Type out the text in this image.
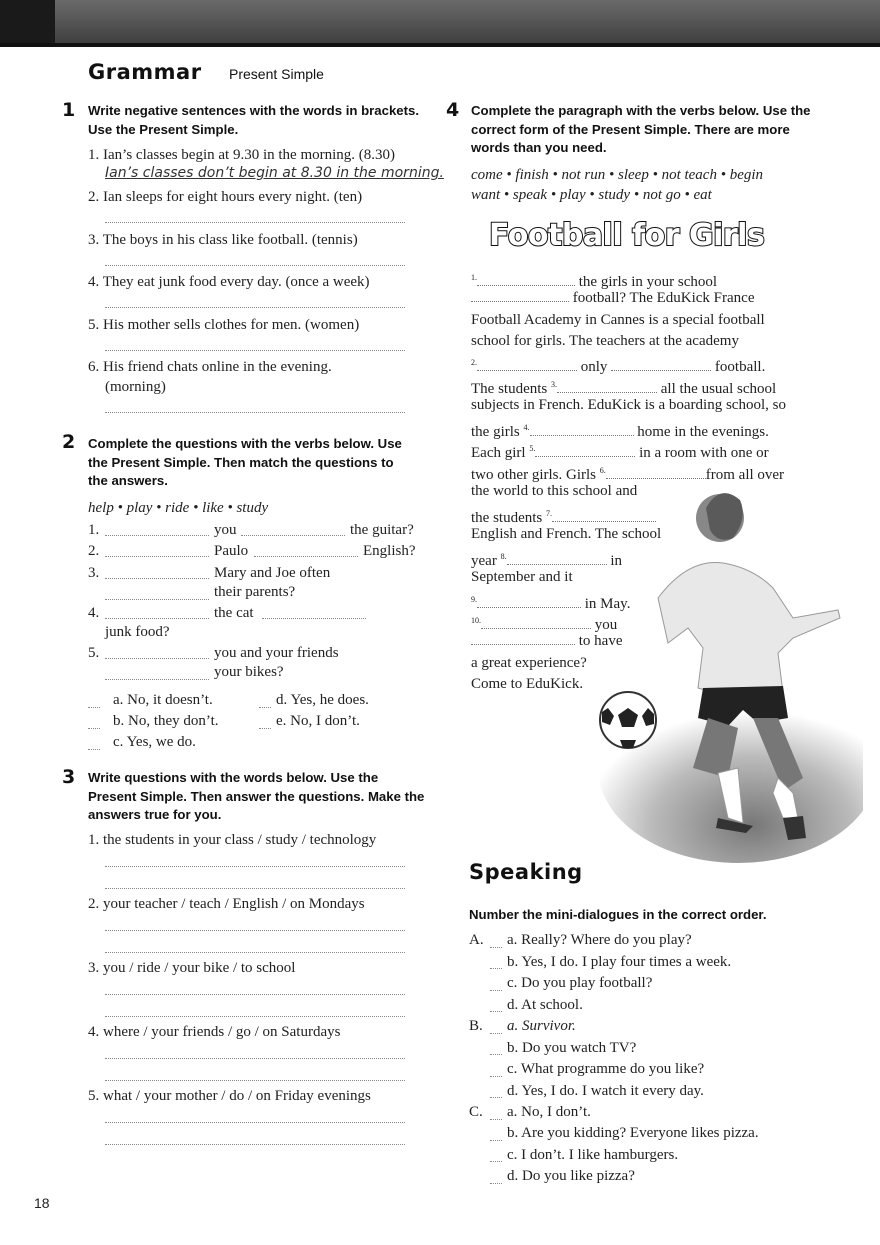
Grammar Present Simple
1 Write negative sentences with the words in brackets. Use the Present Simple.
1. Ian’s classes begin at 9.30 in the morning. (8.30)
Ian’s classes don’t begin at 8.30 in the morning.
2. Ian sleeps for eight hours every night. (ten)
3. The boys in his class like football. (tennis)
4. They eat junk food every day. (once a week)
5. His mother sells clothes for men. (women)
6. His friend chats online in the evening.
(morning)
2 Complete the questions with the verbs below. Use the Present Simple. Then match the questions to the answers.
help • play • ride • like • study
1.	you	the guitar?
2.	Paulo	English?
3.	Mary and Joe often
their parents?
4.	the cat
junk food?
5.	you and your friends
your bikes?
a. No, it doesn’t.
b. No, they don’t.
c. Yes, we do.
d. Yes, he does.
e. No, I don’t.
3 Write questions with the words below. Use the Present Simple. Then answer the questions. Make the answers true for you.
1. the students in your class / study / technology
2. your teacher / teach / English / on Mondays
3. you / ride / your bike / to school
4. where / your friends / go / on Saturdays
5. what / your mother / do / on Friday evenings
18
4 Complete the paragraph with the verbs below. Use the correct form of the Present Simple. There are more words than you need.
come • finish • not run • sleep • not teach • begin
want • speak • play • study • not go • eat
Football for Girls
$^{1.}$	the girls in your school
football? The EduKick France
Football Academy in Cannes is a special football
school for girls. The teachers at the academy
$^{2.}$	only	football.
The students $^{3.}$	all the usual school
subjects in French. EduKick is a boarding school, so
the girls $^{4.}$	home in the evenings.
Each girl $^{5.}$	in a room with one or
two other girls. Girls $^{6.}$	from all over
the world to this school and
the students $^{7.}$
English and French. The school
year $^{8.}$	in
September and it
$^{9.}$	in May.
$^{10.}$	you
to have
a great experience?
Come to EduKick.
Speaking
Number the mini-dialogues in the correct order.
A. a. Really? Where do you play?
b. Yes, I do. I play four times a week.
c. Do you play football?
d. At school.
B. a. Survivor.
b. Do you watch TV?
c. What programme do you like?
d. Yes, I do. I watch it every day.
C. a. No, I don’t.
b. Are you kidding? Everyone likes pizza.
c. I don’t. I like hamburgers.
d. Do you like pizza?
